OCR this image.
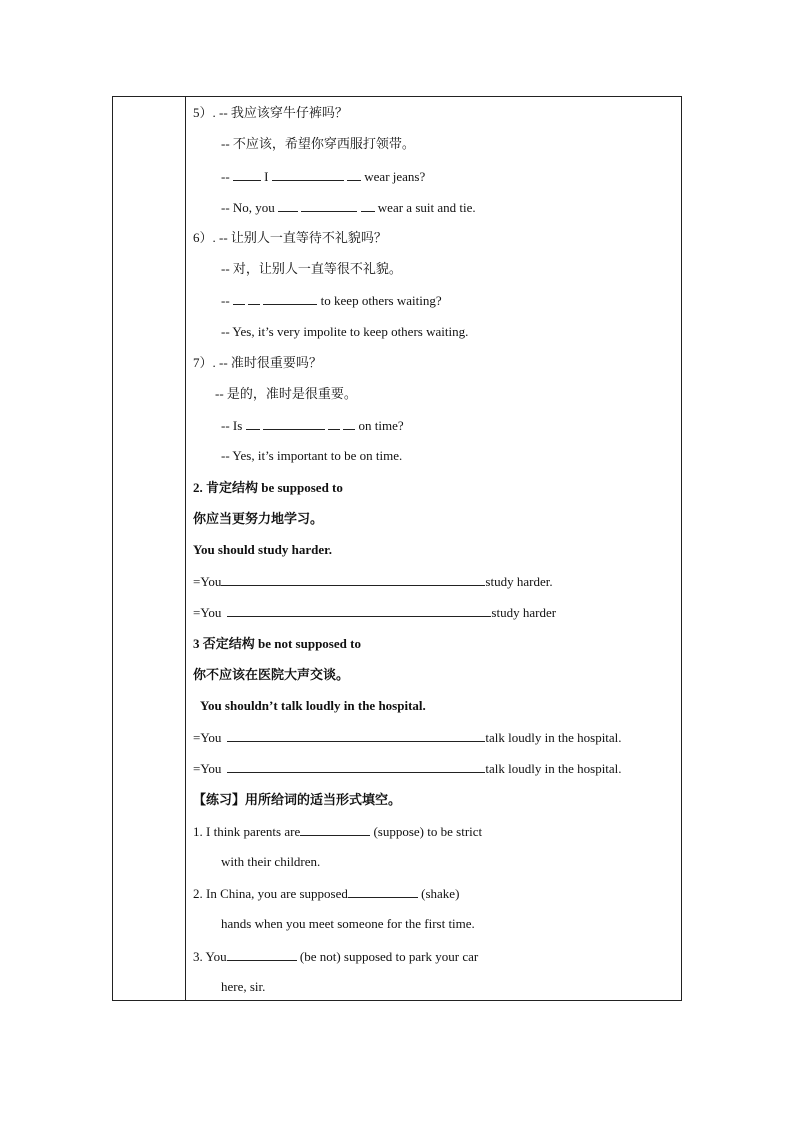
5）. -- 我应该穿牛仔裤吗？
-- 不应该，希望你穿西服打领带。
--	I	wear jeans?
-- No, you	wear a suit and tie.
6）. -- 让别人一直等待不礼貌吗？
-- 对，让别人一直等很不礼貌。
--	to keep others waiting?
-- Yes, it’s very impolite to keep others waiting.
7）. -- 准时很重要吗？
-- 是的，准时是很重要。
-- Is	on time?
-- Yes, it’s important to be on time.
2. 肯定结构 be supposed to
你应当更努力地学习。
You should study harder.
=You	study harder.
=You	study harder
3 否定结构 be not supposed to
你不应该在医院大声交谈。
You shouldn’t talk loudly in the hospital.
=You	talk loudly in the hospital.
=You	talk loudly in the hospital.
【练习】用所给词的适当形式填空。
1. I think parents are	(suppose) to be strict
with their children.
2. In China, you are supposed	(shake)
hands when you meet someone for the first time.
3. You	(be not) supposed to park your car
here, sir.
